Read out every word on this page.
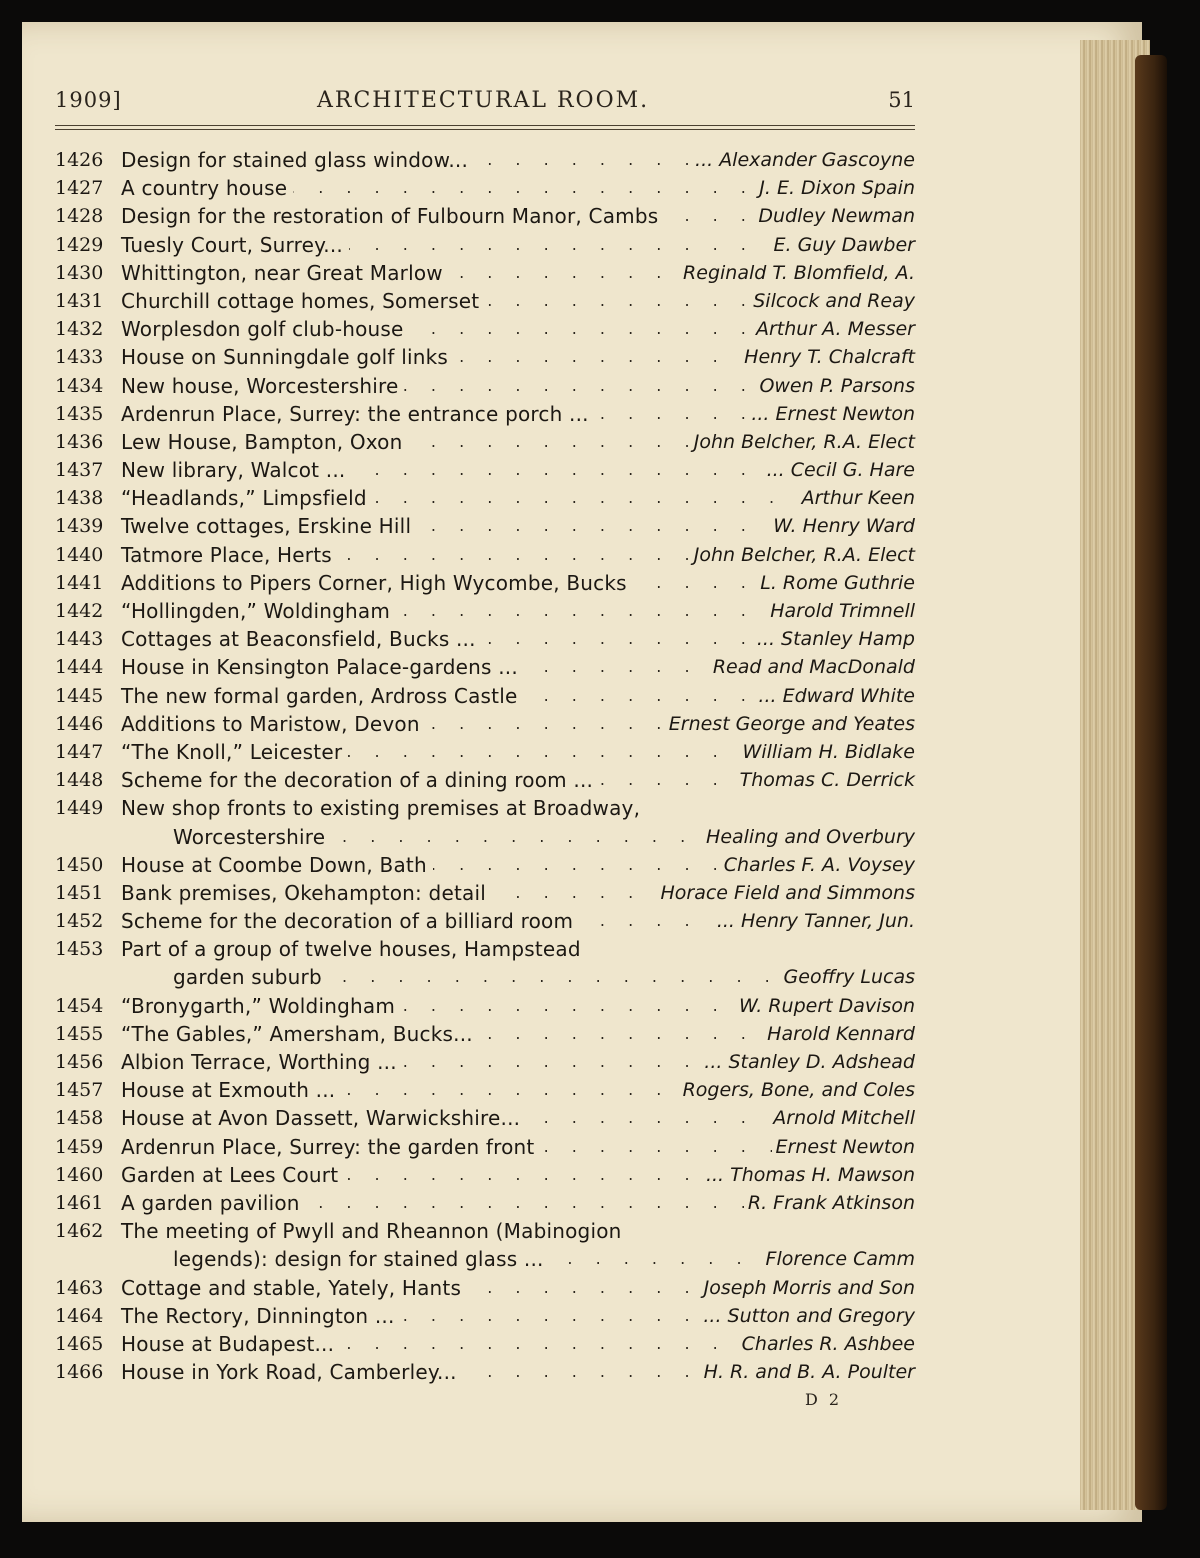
1909]	ARCHITECTURAL ROOM.	51
1426 . . . Design for stained glass window...	... Alexander Gascoyne
1427 . . . A country house	J. E. Dixon Spain
1428 . . . Design for the restoration of Fulbourn Manor, Cambs	Dudley Newman
1429 . . . Tuesly Court, Surrey...	E. Guy Dawber
1430 . . . Whittington, near Great Marlow	Reginald T. Blomfield, A.
1431 . . . Churchill cottage homes, Somerset	Silcock and Reay
1432 . . . Worplesdon golf club-house	Arthur A. Messer
1433 . . . House on Sunningdale golf links	Henry T. Chalcraft
1434 . . . New house, Worcestershire	Owen P. Parsons
1435 . . . Ardenrun Place, Surrey: the entrance porch ...	... Ernest Newton
1436 . . . Lew House, Bampton, Oxon	John Belcher, R.A. Elect
1437 . . . New library, Walcot ...	... Cecil G. Hare
1438 . . . “Headlands,” Limpsfield	Arthur Keen
1439 . . . Twelve cottages, Erskine Hill	W. Henry Ward
1440 . . . Tatmore Place, Herts	John Belcher, R.A. Elect
1441 . . . Additions to Pipers Corner, High Wycombe, Bucks	L. Rome Guthrie
1442 . . . “Hollingden,” Woldingham	Harold Trimnell
1443 . . . Cottages at Beaconsfield, Bucks ...	... Stanley Hamp
1444 . . . House in Kensington Palace-gardens ...	Read and MacDonald
1445 . . . The new formal garden, Ardross Castle	... Edward White
1446 . . . Additions to Maristow, Devon	Ernest George and Yeates
1447 . . . “The Knoll,” Leicester	William H. Bidlake
1448 . . . Scheme for the decoration of a dining room ...	Thomas C. Derrick
1449 New shop fronts to existing premises at Broadway,
. . .
Worcestershire	Healing and Overbury
1450 . . . House at Coombe Down, Bath	Charles F. A. Voysey
1451 . . . Bank premises, Okehampton: detail	Horace Field and Simmons
1452 . . . Scheme for the decoration of a billiard room	... Henry Tanner, Jun.
1453 Part of a group of twelve houses, Hampstead
. . .
garden suburb	Geoffry Lucas
1454 . . . “Bronygarth,” Woldingham	W. Rupert Davison
1455 . . . “The Gables,” Amersham, Bucks...	Harold Kennard
1456 . . . Albion Terrace, Worthing ...	... Stanley D. Adshead
1457 . . . House at Exmouth ...	Rogers, Bone, and Coles
1458 . . . House at Avon Dassett, Warwickshire...	Arnold Mitchell
1459 . . . Ardenrun Place, Surrey: the garden front	Ernest Newton
1460 . . . Garden at Lees Court	... Thomas H. Mawson
1461 . . . A garden pavilion	R. Frank Atkinson
1462 The meeting of Pwyll and Rheannon (Mabinogion
. . .
legends): design for stained glass ...	Florence Camm
1463 . . . Cottage and stable, Yately, Hants	Joseph Morris and Son
1464 . . . The Rectory, Dinnington ...	... Sutton and Gregory
1465 . . . House at Budapest...	Charles R. Ashbee
1466 . . . House in York Road, Camberley...	H. R. and B. A. Poulter
D 2
